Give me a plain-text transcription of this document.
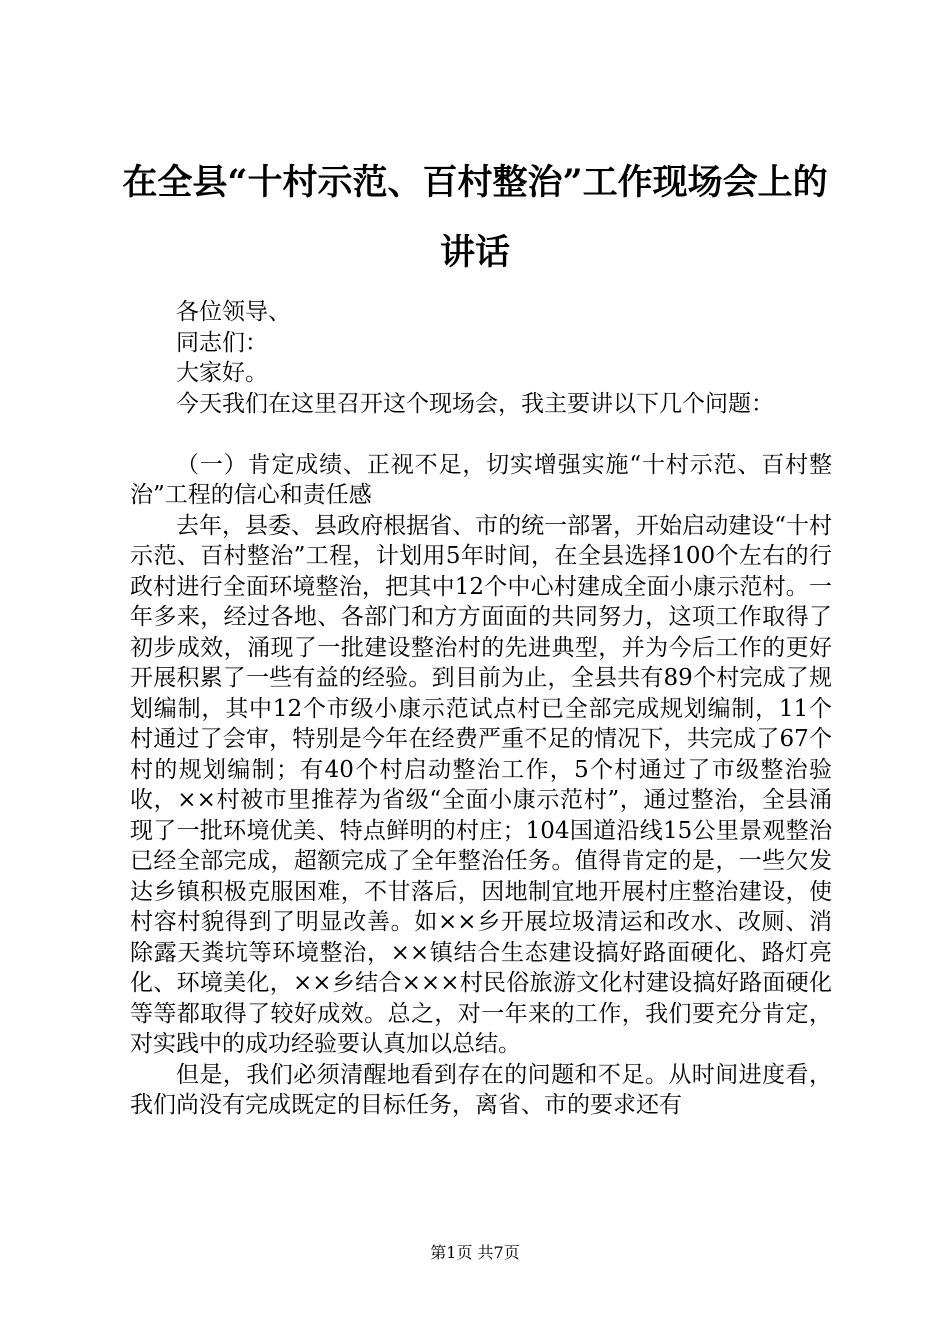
在全县“十村示范、百村整治”工作现场会上的讲话

各位领导、

同志们：

大家好。

今天我们在这里召开这个现场会，我主要讲以下几个问题：

（一）肯定成绩、正视不足，切实增强实施“十村示范、百村整治”工程的信心和责任感

去年，县委、县政府根据省、市的统一部署，开始启动建设“十村示范、百村整治”工程，计划用5年时间，在全县选择100个左右的行政村进行全面环境整治，把其中12个中心村建成全面小康示范村。一年多来，经过各地、各部门和方方面面的共同努力，这项工作取得了初步成效，涌现了一批建设整治村的先进典型，并为今后工作的更好开展积累了一些有益的经验。到目前为止，全县共有89个村完成了规划编制，其中12个市级小康示范试点村已全部完成规划编制，11个村通过了会审，特别是今年在经费严重不足的情况下，共完成了67个村的规划编制；有40个村启动整治工作，5个村通过了市级整治验收，××村被市里推荐为省级“全面小康示范村”，通过整治，全县涌现了一批环境优美、特点鲜明的村庄；104国道沿线15公里景观整治已经全部完成，超额完成了全年整治任务。值得肯定的是，一些欠发达乡镇积极克服困难，不甘落后，因地制宜地开展村庄整治建设，使村容村貌得到了明显改善。如××乡开展垃圾清运和改水、改厕、消除露天粪坑等环境整治，××镇结合生态建设搞好路面硬化、路灯亮化、环境美化，××乡结合×××村民俗旅游文化村建设搞好路面硬化等等都取得了较好成效。总之，对一年来的工作，我们要充分肯定，对实践中的成功经验要认真加以总结。

但是，我们必须清醒地看到存在的问题和不足。从时间进度看，我们尚没有完成既定的目标任务，离省、市的要求还有

第1页 共7页
